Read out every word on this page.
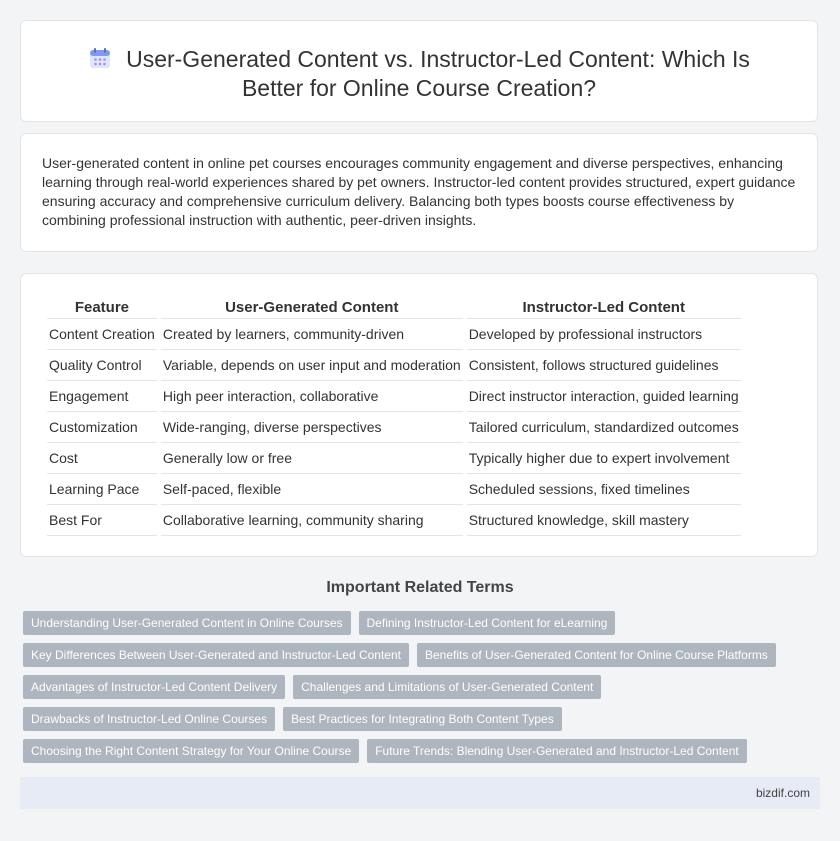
User-Generated Content vs. Instructor-Led Content: Which Is Better for Online Course Creation?

User-generated content in online pet courses encourages community engagement and diverse perspectives, enhancing learning through real-world experiences shared by pet owners. Instructor-led content provides structured, expert guidance ensuring accuracy and comprehensive curriculum delivery. Balancing both types boosts course effectiveness by combining professional instruction with authentic, peer-driven insights.

Feature	User-Generated Content	Instructor-Led Content
Content Creation	Created by learners, community-driven	Developed by professional instructors
Quality Control	Variable, depends on user input and moderation	Consistent, follows structured guidelines
Engagement	High peer interaction, collaborative	Direct instructor interaction, guided learning
Customization	Wide-ranging, diverse perspectives	Tailored curriculum, standardized outcomes
Cost	Generally low or free	Typically higher due to expert involvement
Learning Pace	Self-paced, flexible	Scheduled sessions, fixed timelines
Best For	Collaborative learning, community sharing	Structured knowledge, skill mastery
Important Related Terms
Understanding User-Generated Content in Online Courses	Defining Instructor-Led Content for eLearning
Key Differences Between User-Generated and Instructor-Led Content	Benefits of User-Generated Content for Online Course Platforms
Advantages of Instructor-Led Content Delivery	Challenges and Limitations of User-Generated Content
Drawbacks of Instructor-Led Online Courses	Best Practices for Integrating Both Content Types
Choosing the Right Content Strategy for Your Online Course	Future Trends: Blending User-Generated and Instructor-Led Content
bizdif.com
